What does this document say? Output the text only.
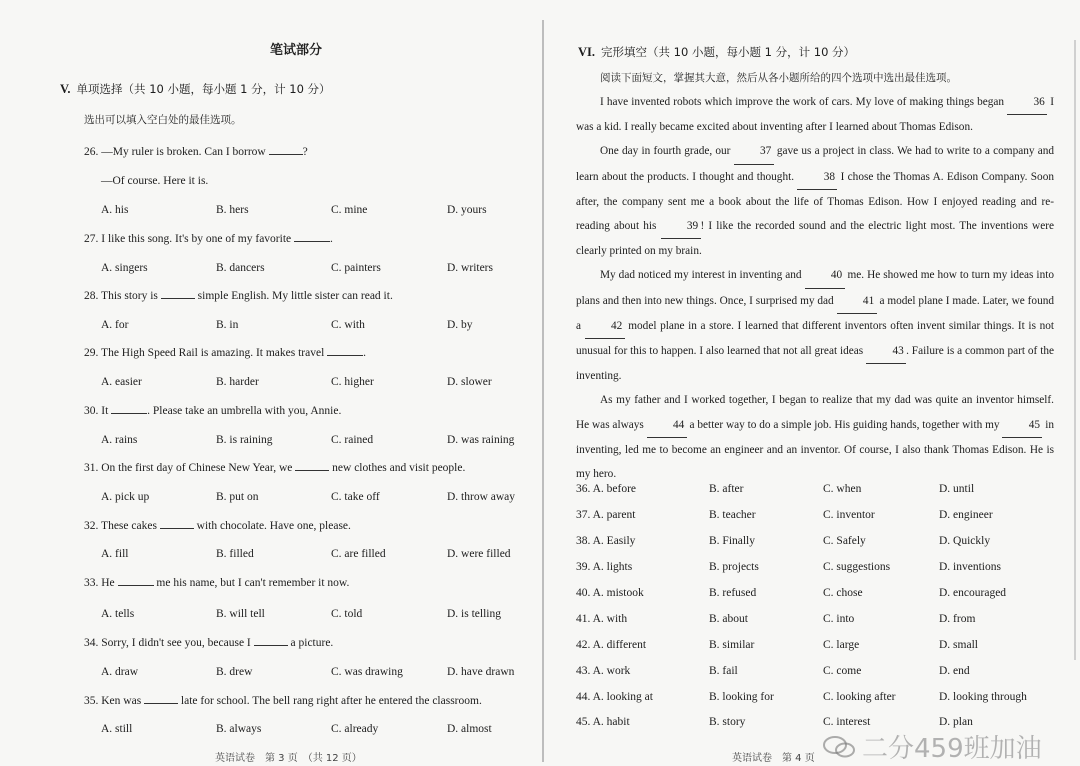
笔试部分
V. 单项选择（共 10 小题，每小题 1 分，计 10 分）
选出可以填入空白处的最佳选项。
26. —My ruler is broken. Can I borrow	?
—Of course. Here it is.
A. his	B. hers	C. mine	D. yours
27. I like this song. It's by one of my favorite	.
A. singers	B. dancers	C. painters	D. writers
28. This story is	simple English. My little sister can read it.
A. for	B. in	C. with	D. by
29. The High Speed Rail is amazing. It makes travel	.
A. easier	B. harder	C. higher	D. slower
30. It	. Please take an umbrella with you, Annie.
A. rains	B. is raining	C. rained	D. was raining
31. On the first day of Chinese New Year, we	new clothes and visit people.
A. pick up	B. put on	C. take off	D. throw away
32. These cakes	with chocolate. Have one, please.
A. fill	B. filled	C. are filled	D. were filled
33. He	me his name, but I can't remember it now.
A. tells	B. will tell	C. told	D. is telling
34. Sorry, I didn't see you, because I	a picture.
A. draw	B. drew	C. was drawing	D. have drawn
35. Ken was	late for school. The bell rang right after he entered the classroom.
A. still	B. always	C. already	D. almost
英语试卷　第 3 页　（共 12 页）
VI. 完形填空（共 10 小题，每小题 1 分，计 10 分）
阅读下面短文，掌握其大意，然后从各小题所给的四个选项中选出最佳选项。

I have invented robots which improve the work of cars. My love of making things began	36 I was a kid. I really became excited about inventing after I learned about Thomas Edison.

One day in fourth grade, our	37 gave us a project in class. We had to write to a company and learn about the products. I thought and thought.	38 I chose the Thomas A. Edison Company. Soon after, the company sent me a book about the life of Thomas Edison. How I enjoyed reading and re-reading about his	39 ! I like the recorded sound and the electric light most. The inventions were clearly printed on my brain.

My dad noticed my interest in inventing and	40 me. He showed me how to turn my ideas into plans and then into new things. Once, I surprised my dad	41 a model plane I made. Later, we found a	42 model plane in a store. I learned that different inventors often invent similar things. It is not unusual for this to happen. I also learned that not all great ideas	43 . Failure is a common part of the inventing.

As my father and I worked together, I began to realize that my dad was quite an inventor himself. He was always	44 a better way to do a simple job. His guiding hands, together with my	45 in inventing, led me to become an engineer and an inventor. Of course, I also thank Thomas Edison. He is my hero.

36. A. before	B. after	C. when	D. until
37. A. parent	B. teacher	C. inventor	D. engineer
38. A. Easily	B. Finally	C. Safely	D. Quickly
39. A. lights	B. projects	C. suggestions	D. inventions
40. A. mistook	B. refused	C. chose	D. encouraged
41. A. with	B. about	C. into	D. from
42. A. different	B. similar	C. large	D. small
43. A. work	B. fail	C. come	D. end
44. A. looking at	B. looking for	C. looking after	D. looking through
45. A. habit	B. story	C. interest	D. plan
英语试卷　第 4 页 二分459班加油
